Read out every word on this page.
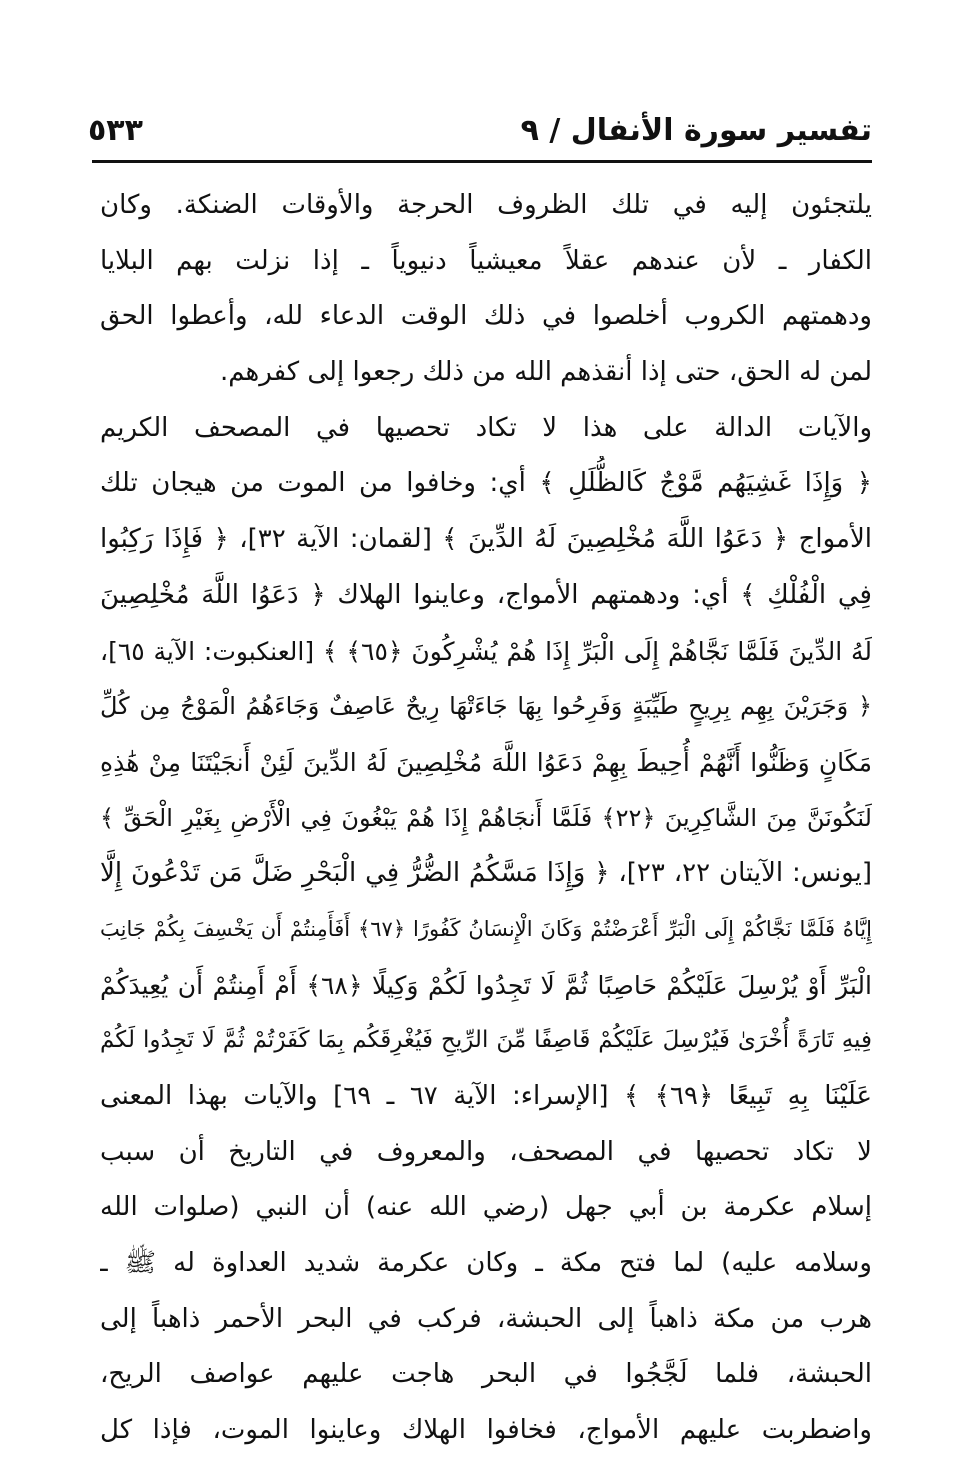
٥٣٣	تفسير سورة الأنفال / ٩
يلتجئون إليه في تلك الظروف الحرجة والأوقات الضنكة. وكان
الكفار ـ لأن عندهم عقلاً معيشياً دنيوياً ـ إذا نزلت بهم البلايا
ودهمتهم الكروب أخلصوا في ذلك الوقت الدعاء لله، وأعطوا الحق
لمن له الحق، حتى إذا أنقذهم الله من ذلك رجعوا إلى كفرهم.
والآيات الدالة على هذا لا تكاد تحصيها في المصحف الكريم
﴿ وَإِذَا غَشِيَهُم مَّوْجٌ كَالظُّلَلِ ﴾ أي: وخافوا من الموت من هيجان تلك
الأمواج ﴿ دَعَوُا اللَّهَ مُخْلِصِينَ لَهُ الدِّينَ ﴾ [لقمان: الآية ٣٢]، ﴿ فَإِذَا رَكِبُوا
فِي الْفُلْكِ ﴾ أي: ودهمتهم الأمواج، وعاينوا الهلاك ﴿ دَعَوُا اللَّهَ مُخْلِصِينَ
لَهُ الدِّينَ فَلَمَّا نَجَّاهُمْ إِلَى الْبَرِّ إِذَا هُمْ يُشْرِكُونَ ﴿٦٥﴾ ﴾ [العنكبوت: الآية ٦٥]،
﴿ وَجَرَيْنَ بِهِم بِرِيحٍ طَيِّبَةٍ وَفَرِحُوا بِهَا جَاءَتْهَا رِيحٌ عَاصِفٌ وَجَاءَهُمُ الْمَوْجُ مِن كُلِّ
مَكَانٍ وَظَنُّوا أَنَّهُمْ أُحِيطَ بِهِمْ دَعَوُا اللَّهَ مُخْلِصِينَ لَهُ الدِّينَ لَئِنْ أَنجَيْتَنَا مِنْ هَٰذِهِ
لَنَكُونَنَّ مِنَ الشَّاكِرِينَ ﴿٢٢﴾ فَلَمَّا أَنجَاهُمْ إِذَا هُمْ يَبْغُونَ فِي الْأَرْضِ بِغَيْرِ الْحَقِّ ﴾
[يونس: الآيتان ٢٢، ٢٣]، ﴿ وَإِذَا مَسَّكُمُ الضُّرُّ فِي الْبَحْرِ ضَلَّ مَن تَدْعُونَ إِلَّا
إِيَّاهُ فَلَمَّا نَجَّاكُمْ إِلَى الْبَرِّ أَعْرَضْتُمْ وَكَانَ الْإِنسَانُ كَفُورًا ﴿٦٧﴾ أَفَأَمِنتُمْ أَن يَخْسِفَ بِكُمْ جَانِبَ
الْبَرِّ أَوْ يُرْسِلَ عَلَيْكُمْ حَاصِبًا ثُمَّ لَا تَجِدُوا لَكُمْ وَكِيلًا ﴿٦٨﴾ أَمْ أَمِنتُمْ أَن يُعِيدَكُمْ
فِيهِ تَارَةً أُخْرَىٰ فَيُرْسِلَ عَلَيْكُمْ قَاصِفًا مِّنَ الرِّيحِ فَيُغْرِقَكُم بِمَا كَفَرْتُمْ ثُمَّ لَا تَجِدُوا لَكُمْ
عَلَيْنَا بِهِ تَبِيعًا ﴿٦٩﴾ ﴾ [الإسراء: الآية ٦٧ ـ ٦٩] والآيات بهذا المعنى
لا تكاد تحصيها في المصحف، والمعروف في التاريخ أن سبب
إسلام عكرمة بن أبي جهل (رضي الله عنه) أن النبي (صلوات الله
وسلامه عليه) لما فتح مكة ـ وكان عكرمة شديد العداوة له ﷺ ـ
هرب من مكة ذاهباً إلى الحبشة، فركب في البحر الأحمر ذاهباً إلى
الحبشة، فلما لَجَّجُوا في البحر هاجت عليهم عواصف الريح،
واضطربت عليهم الأمواج، فخافوا الهلاك وعاينوا الموت، فإذا كل
